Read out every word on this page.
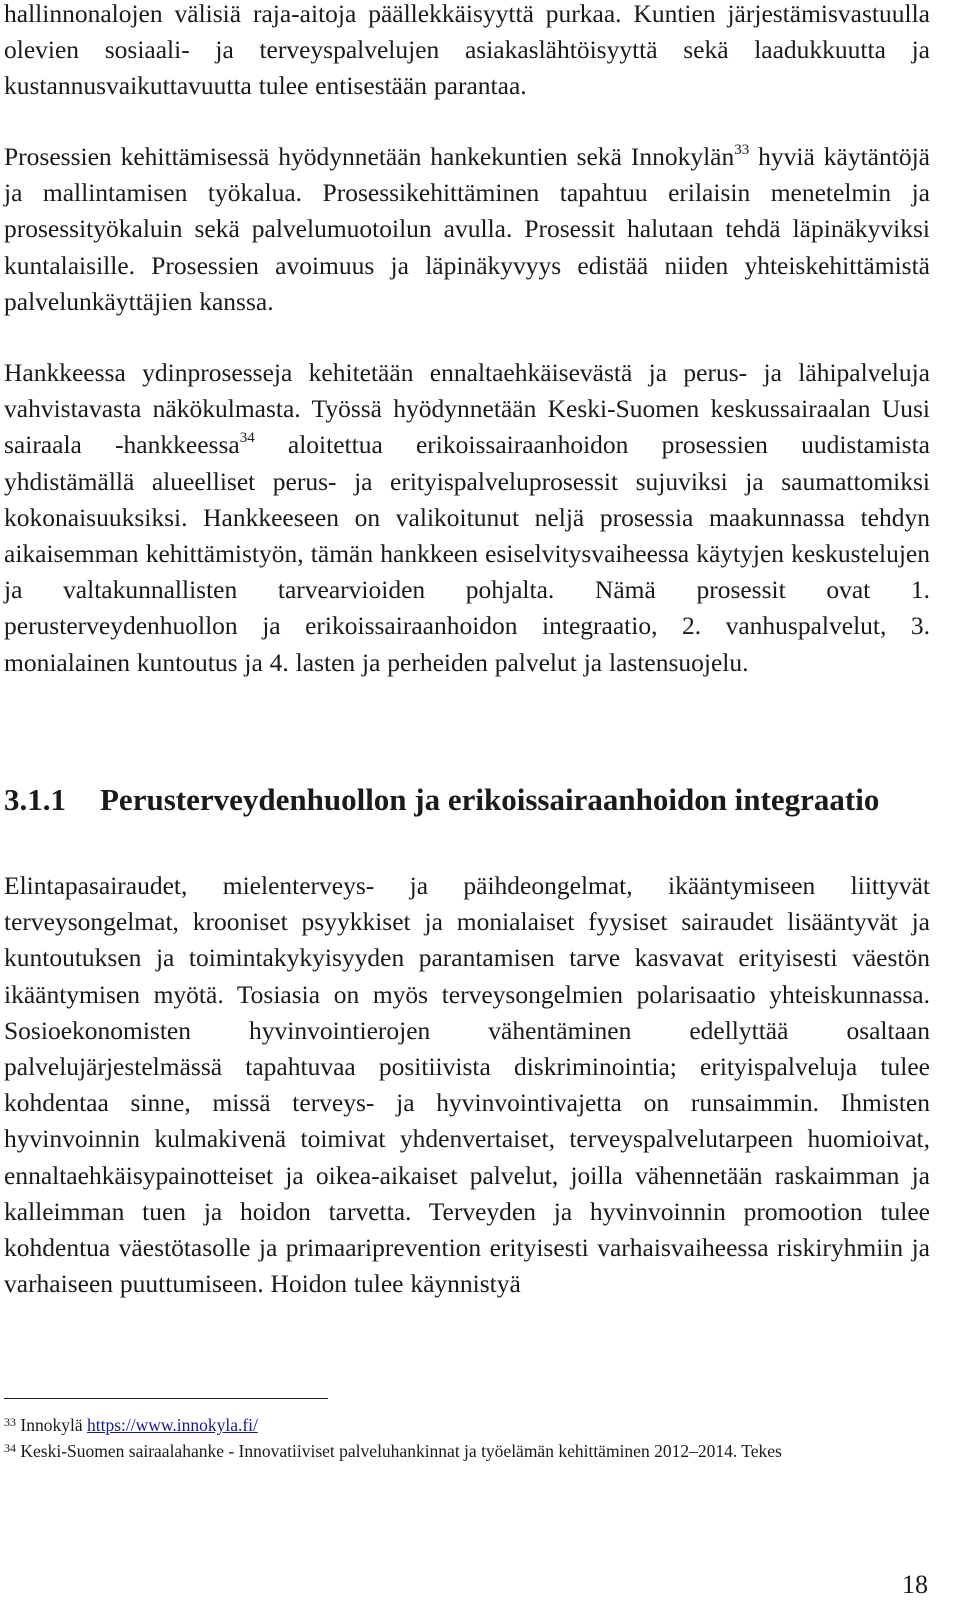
hallinnonalojen välisiä raja-aitoja päällekkäisyyttä purkaa. Kuntien järjestämisvastuulla olevien sosiaali- ja terveyspalvelujen asiakaslähtöisyyttä sekä laadukkuutta ja kustannusvaikuttavuutta tulee entisestään parantaa.

Prosessien kehittämisessä hyödynnetään hankekuntien sekä Innokylän$^{33}$ hyviä käytäntöjä ja mallintamisen työkalua. Prosessikehittäminen tapahtuu erilaisin menetelmin ja prosessityökaluin sekä palvelumuotoilun avulla. Prosessit halutaan tehdä läpinäkyviksi kuntalaisille. Prosessien avoimuus ja läpinäkyvyys edistää niiden yhteiskehittämistä palvelunkäyttäjien kanssa.

Hankkeessa ydinprosesseja kehitetään ennaltaehkäisevästä ja perus- ja lähipalveluja vahvistavasta näkökulmasta. Työssä hyödynnetään Keski-Suomen keskussairaalan Uusi sairaala -hankkeessa$^{34}$ aloitettua erikoissairaanhoidon prosessien uudistamista yhdistämällä alueelliset perus- ja erityispalveluprosessit sujuviksi ja saumattomiksi kokonaisuuksiksi. Hankkeeseen on valikoitunut neljä prosessia maakunnassa tehdyn aikaisemman kehittämistyön, tämän hankkeen esiselvitysvaiheessa käytyjen keskustelujen ja valtakunnallisten tarvearvioiden pohjalta. Nämä prosessit ovat 1. perusterveydenhuollon ja erikoissairaanhoidon integraatio, 2. vanhuspalvelut, 3. monialainen kuntoutus ja 4. lasten ja perheiden palvelut ja lastensuojelu.

3.1.1	Perusterveydenhuollon ja erikoissairaanhoidon integraatio

Elintapasairaudet, mielenterveys- ja päihdeongelmat, ikääntymiseen liittyvät terveysongelmat, krooniset psyykkiset ja monialaiset fyysiset sairaudet lisääntyvät ja kuntoutuksen ja toimintakykyisyyden parantamisen tarve kasvavat erityisesti väestön ikääntymisen myötä. Tosiasia on myös terveysongelmien polarisaatio yhteiskunnassa. Sosioekonomisten hyvinvointierojen vähentäminen edellyttää osaltaan palvelujärjestelmässä tapahtuvaa positiivista diskriminointia; erityispalveluja tulee kohdentaa sinne, missä terveys- ja hyvinvointivajetta on runsaimmin. Ihmisten hyvinvoinnin kulmakivenä toimivat yhdenvertaiset, terveyspalvelutarpeen huomioivat, ennaltaehkäisypainotteiset ja oikea-aikaiset palvelut, joilla vähennetään raskaimman ja kalleimman tuen ja hoidon tarvetta. Terveyden ja hyvinvoinnin promootion tulee kohdentua väestötasolle ja primaariprevention erityisesti varhaisvaiheessa riskiryhmiin ja varhaiseen puuttumiseen. Hoidon tulee käynnistyä

$^{33}$ Innokylä https://www.innokyla.fi/
$^{34}$ Keski-Suomen sairaalahanke - Innovatiiviset palveluhankinnat ja työelämän kehittäminen 2012–2014. Tekes
18
